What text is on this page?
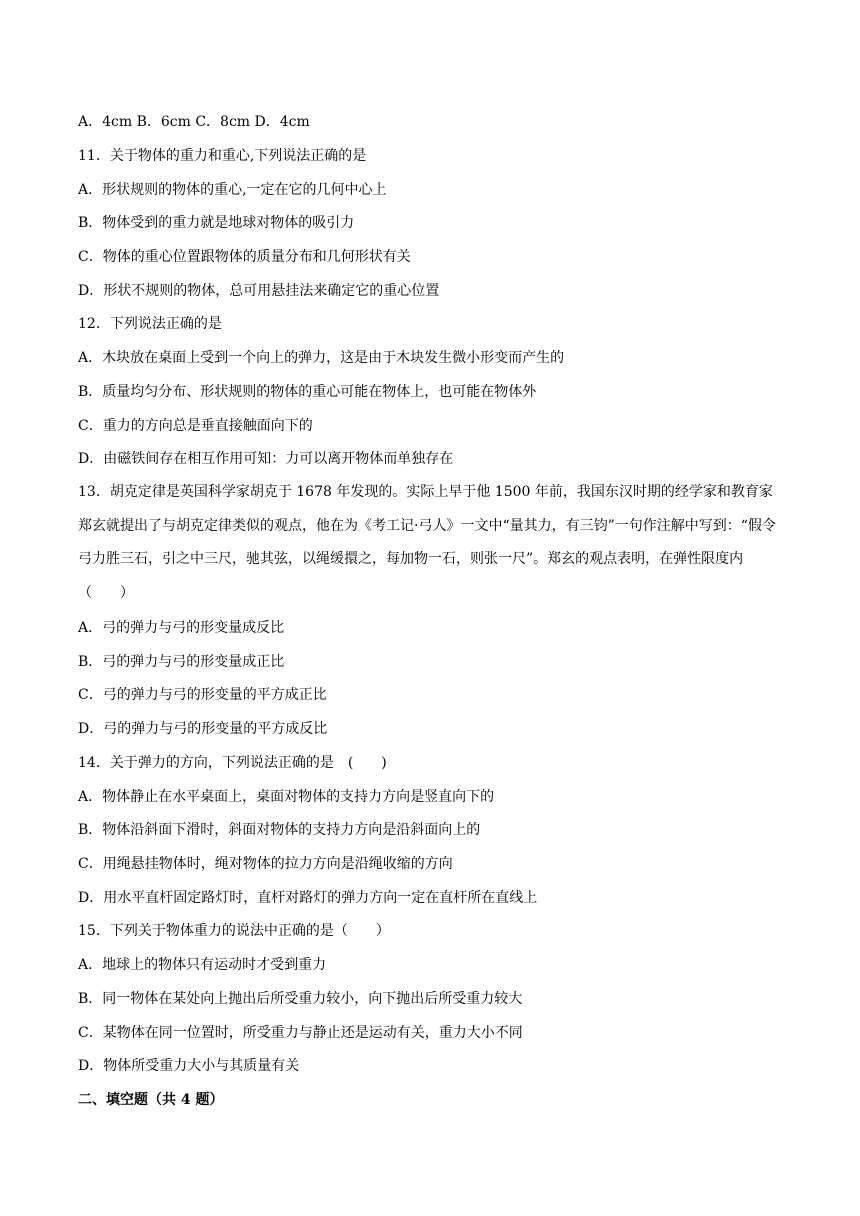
A．4cm B．6cm C．8cm D．4cm
11．关于物体的重力和重心,下列说法正确的是
A．形状规则的物体的重心,一定在它的几何中心上
B．物体受到的重力就是地球对物体的吸引力
C．物体的重心位置跟物体的质量分布和几何形状有关
D．形状不规则的物体，总可用悬挂法来确定它的重心位置
12．下列说法正确的是
A．木块放在桌面上受到一个向上的弹力，这是由于木块发生微小形变而产生的
B．质量均匀分布、形状规则的物体的重心可能在物体上，也可能在物体外
C．重力的方向总是垂直接触面向下的
D．由磁铁间存在相互作用可知：力可以离开物体而单独存在
13．胡克定律是英国科学家胡克于 1678 年发现的。实际上早于他 1500 年前，我国东汉时期的经学家和教育家郑玄就提出了与胡克定律类似的观点，他在为《考工记·弓人》一文中“量其力，有三钧”一句作注解中写到：“假令弓力胜三石，引之中三尺，驰其弦，以绳缓擐之，每加物一石，则张一尺”。郑玄的观点表明，在弹性限度内（　　）
A．弓的弹力与弓的形变量成反比
B．弓的弹力与弓的形变量成正比
C．弓的弹力与弓的形变量的平方成正比
D．弓的弹力与弓的形变量的平方成反比
14．关于弹力的方向，下列说法正确的是　(　　)
A．物体静止在水平桌面上，桌面对物体的支持力方向是竖直向下的
B．物体沿斜面下滑时，斜面对物体的支持力方向是沿斜面向上的
C．用绳悬挂物体时，绳对物体的拉力方向是沿绳收缩的方向
D．用水平直杆固定路灯时，直杆对路灯的弹力方向一定在直杆所在直线上
15．下列关于物体重力的说法中正确的是（　　）
A．地球上的物体只有运动时才受到重力
B．同一物体在某处向上抛出后所受重力较小，向下抛出后所受重力较大
C．某物体在同一位置时，所受重力与静止还是运动有关，重力大小不同
D．物体所受重力大小与其质量有关
二、填空题（共 4 题）
